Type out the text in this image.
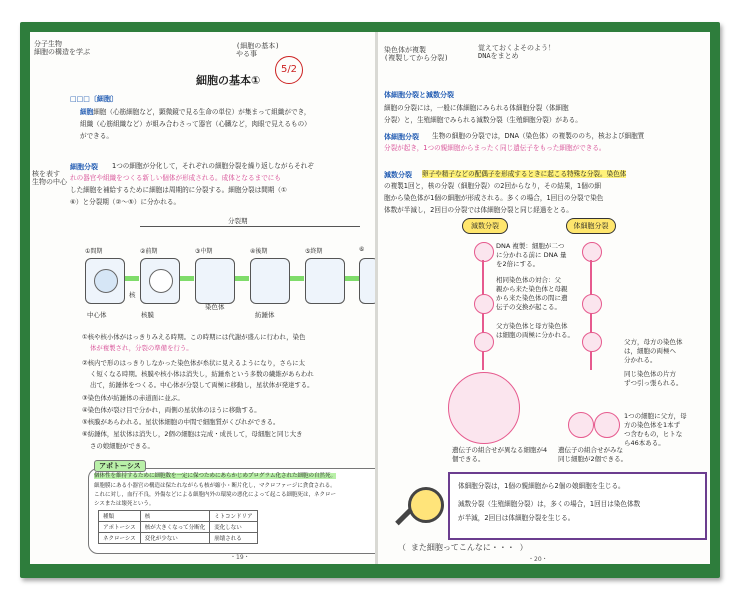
分子生物
細胞の構造を学ぶ
(細胞の基本)
やる事
5/2
細胞の基本①
□□□〔細胞〕
細胞細胞（心筋細胞など，顕微鏡で見る生命の単位）が集まって組織ができ，
組織（心筋組織など）が組み合わさって器官（心臓など，肉眼で見えるもの）
ができる。
核を表す
生物の中心
細胞分裂 1つの細胞が分化して，それぞれの細胞分裂を繰り返しながらそれぞ
れの器官や組織をつくる新しい個体が形成される。成体となるまでにも
した細胞を補給するために細胞は周期的に分裂する。細胞分裂は間期（①
⑥）と分裂期（②〜⑤）に分かれる。
分裂期
①間期	②前期	③中期	④後期	⑤終期	⑥
核
中心体	核膜
染色体
紡錘体
①核や核小体がはっきりみえる時期。この時期には代謝が盛んに行われ，染色
体が複製され，分裂の準備を行う。
②核内で形のはっきりしなかった染色体が糸状に見えるようになり，さらに太
く短くなる時期。核膜や核小体は消失し，紡錘糸という多数の繊維があらわれ
出て，紡錘体をつくる。中心体が分裂して両極に移動し，星状体が発達する。
③染色体が紡錘体の赤道面に並ぶ。
④染色体が裂け目で分かれ，両側の星状体のほうに移動する。
⑤核膜があらわれる。星状体細胞の中間で細胞質がくびれができる。
⑥紡錘体，星状体は消失し，2個の細胞は完成・成長して，母細胞と同じ大き
さの娘細胞ができる。
アポトーシス
個体性を維持するために細胞数を一定に保つためにあらかじめプログラム化された細胞の自然死。
細胞膜にある小器官の構造は保たれながらも核が縮小・断片化し，マクロファージに貪食される。
これに対し，血行不良，外傷などによる細胞内外の環境の悪化によって起こる細胞死は，ネクロー
シスまたは壊死という。
種類	核	ミトコンドリア
アポトーシス	核が大きくなって分断化	変化しない
ネクローシス	変化が少ない	崩壊される
・19・
覚えておくよそのよう！
DNAをまとめ
染色体が複製
(複製してから分裂)
体細胞分裂と減数分裂
細胞の分裂には，一般に体細胞にみられる体細胞分裂（体細胞
分裂）と，生殖細胞でみられる減数分裂（生殖細胞分裂）がある。
体細胞分裂 生物の細胞の分裂では，DNA（染色体）の複製ののち，核および細胞質
分裂が起き，1つの親細胞からまったく同じ遺伝子をもった細胞ができる。
減数分裂 卵子や精子などの配偶子を形成するときに起こる特殊な分裂。染色体
の複製1回と，核の分裂（細胞分裂）の2回からなり，その結果，1個の細
胞から染色体が1個の細胞が形成される。多くの場合，1回目の分裂で染色
体数が半減し，2回目の分裂では体細胞分裂と同じ経過をとる。
減数分裂	体細胞分裂
DNA 複製：細胞が二つ
に分かれる前に DNA 量
を2倍にする。
相同染色体の対合：父
親から来た染色体と母親
から来た染色体の間に遺
伝子の交換が起こる。
父方染色体と母方染色体
は細胞の両極に分かれる。
父方，母方の染色体
は，細胞の両極へ
分かれる。
同じ染色体の片方
ずつ引っ張られる。
1つの細胞に父方，母
方の染色体を1本ず
つ含むもの，ヒトな
ら46本ある。
遺伝子の組合せが異なる細胞が4個できる。
遺伝子の組合せがみな同じ細胞が2個できる。
体細胞分裂は，1個の親細胞から2個の娘細胞を生じる。
減数分裂（生殖細胞分裂）は，多くの場合，1回目は染色体数
が半減，2回目は体細胞分裂を生じる。
（ また細胞ってこんなに・・・ ）
・20・
